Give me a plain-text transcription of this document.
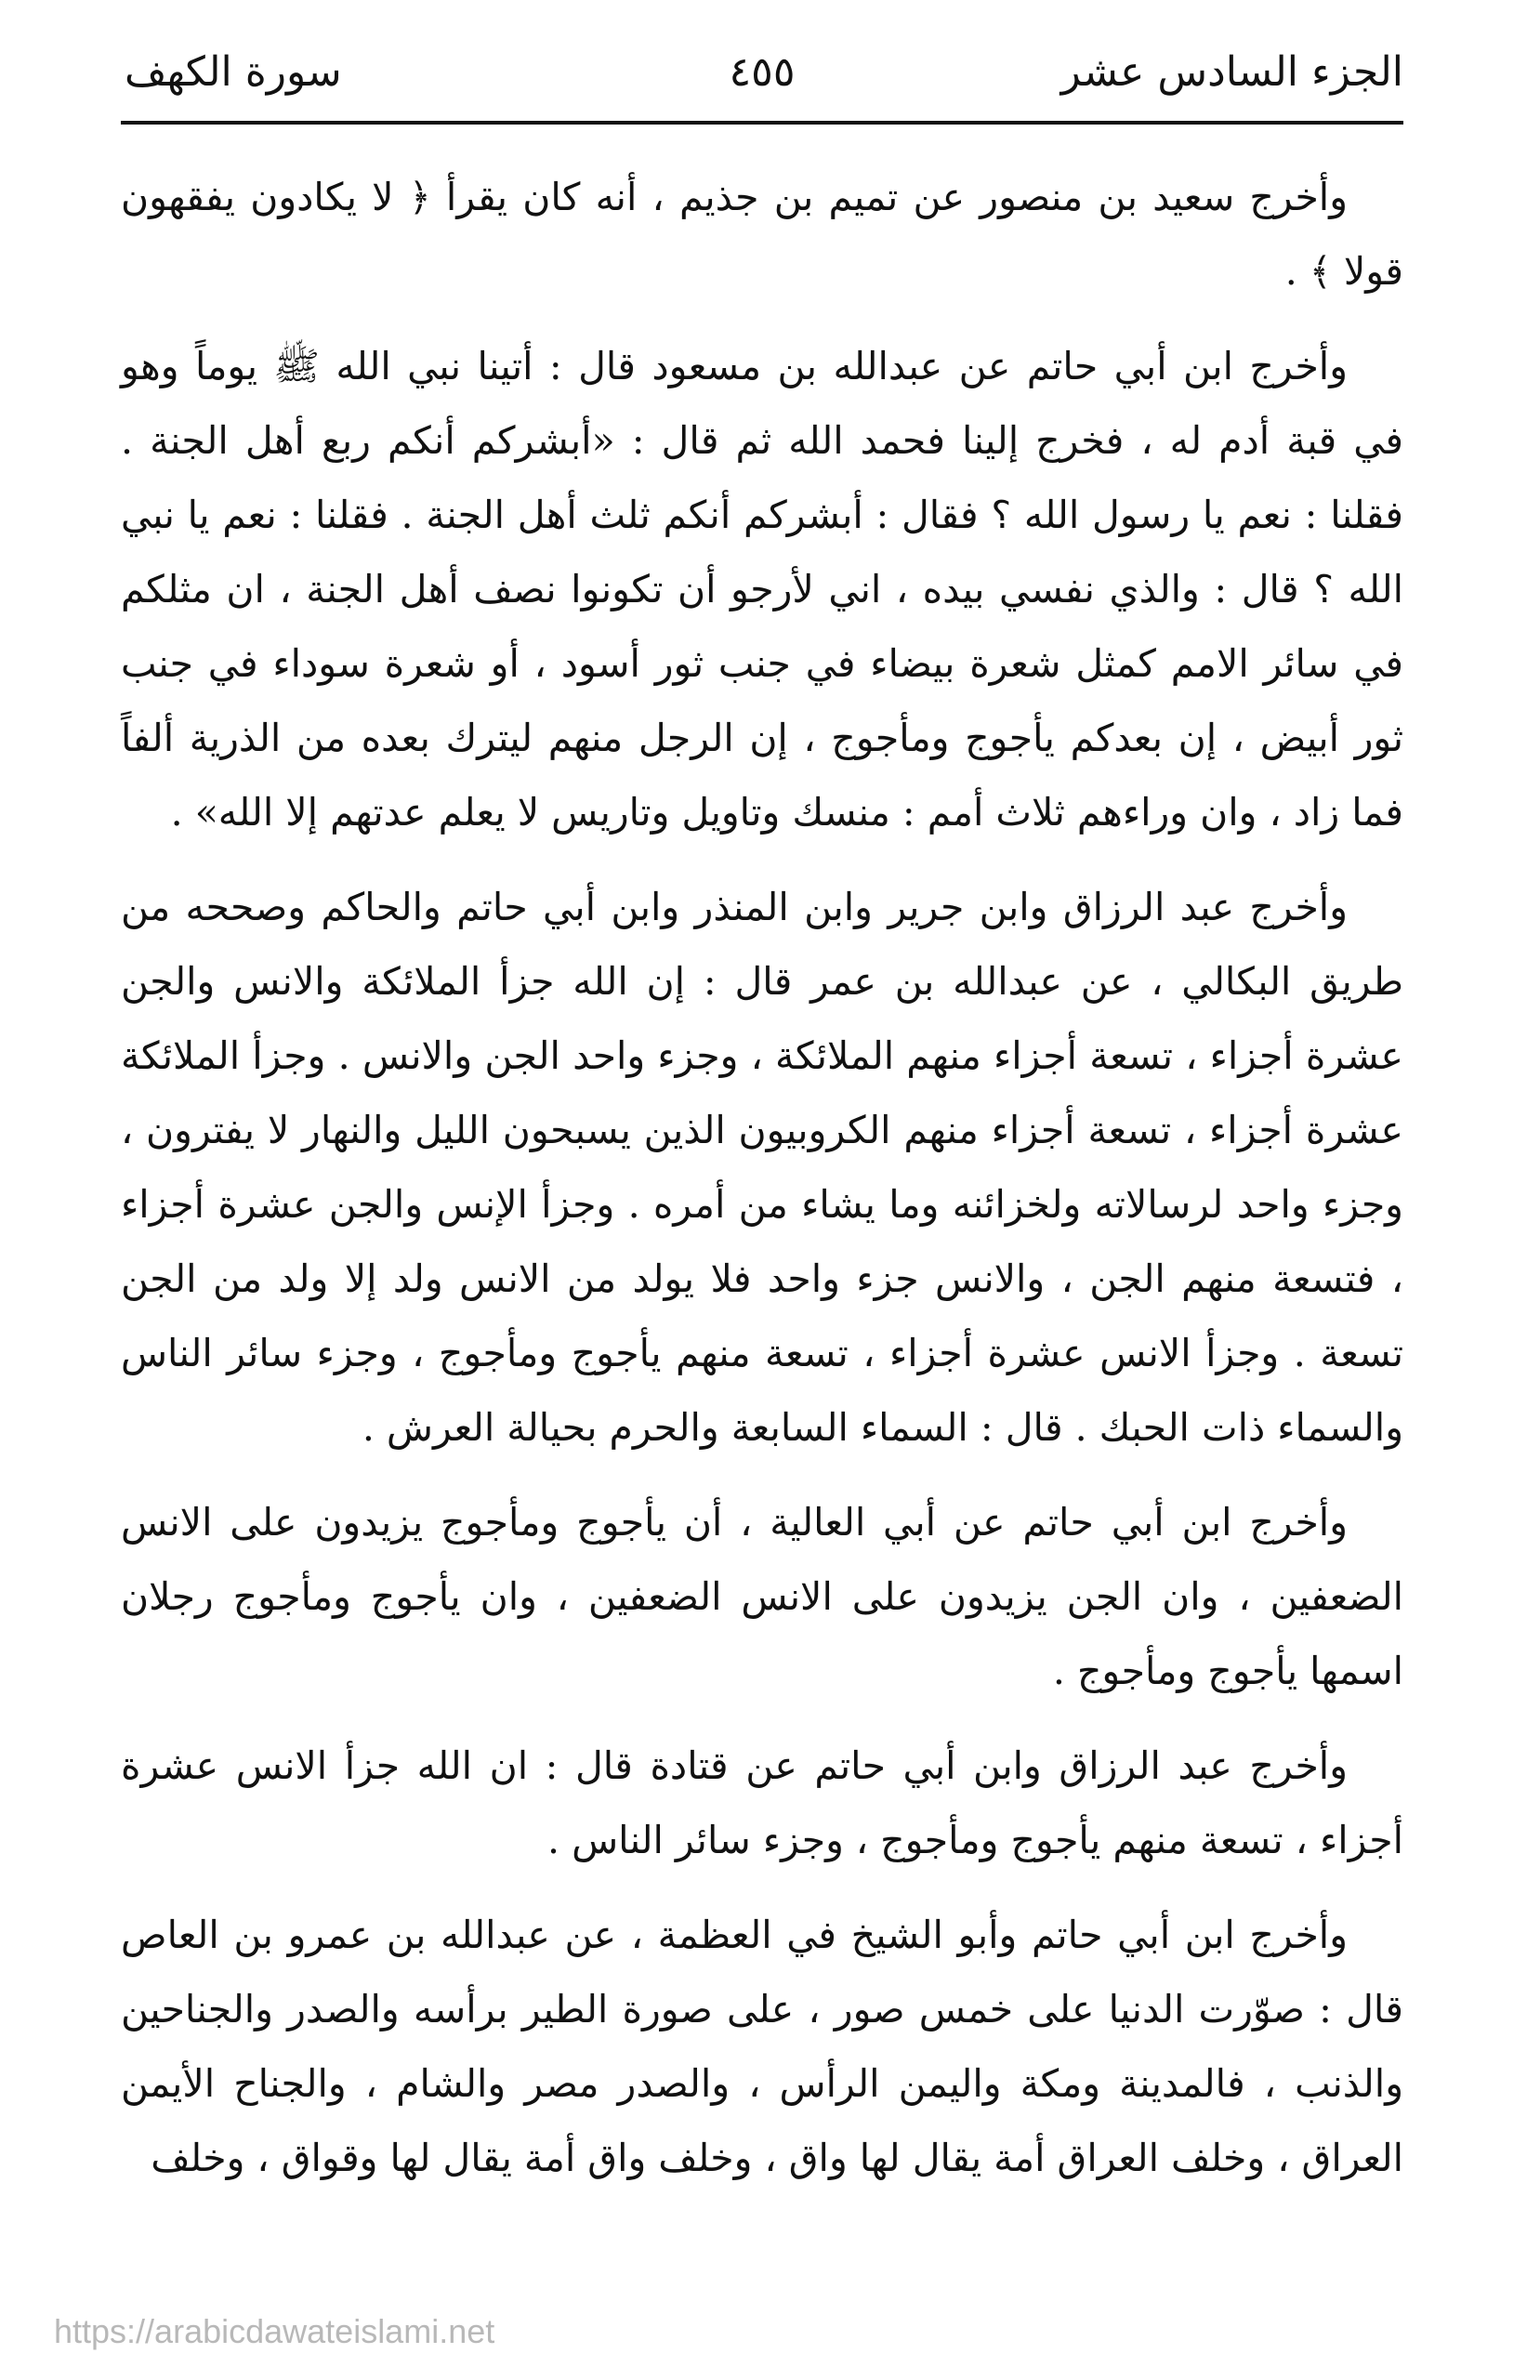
الجزء السادس عشر
٤٥٥
سورة الكهف

وأخرج سعيد بن منصور عن تميم بن جذيم ، أنه كان يقرأ ﴿ لا يكادون يفقهون قولا ﴾ .

وأخرج ابن أبي حاتم عن عبدالله بن مسعود قال : أتينا نبي الله ﷺ يوماً وهو في قبة أدم له ، فخرج إلينا فحمد الله ثم قال : «أبشركم أنكم ربع أهل الجنة . فقلنا : نعم يا رسول الله ؟ فقال : أبشركم أنكم ثلث أهل الجنة . فقلنا : نعم يا نبي الله ؟ قال : والذي نفسي بيده ، اني لأرجو أن تكونوا نصف أهل الجنة ، ان مثلكم في سائر الامم كمثل شعرة بيضاء في جنب ثور أسود ، أو شعرة سوداء في جنب ثور أبيض ، إن بعدكم يأجوج ومأجوج ، إن الرجل منهم ليترك بعده من الذرية ألفاً فما زاد ، وان وراءهم ثلاث أمم : منسك وتاويل وتاريس لا يعلم عدتهم إلا الله» .

وأخرج عبد الرزاق وابن جرير وابن المنذر وابن أبي حاتم والحاكم وصححه من طريق البكالي ، عن عبدالله بن عمر قال : إن الله جزأ الملائكة والانس والجن عشرة أجزاء ، تسعة أجزاء منهم الملائكة ، وجزء واحد الجن والانس . وجزأ الملائكة عشرة أجزاء ، تسعة أجزاء منهم الكروبيون الذين يسبحون الليل والنهار لا يفترون ، وجزء واحد لرسالاته ولخزائنه وما يشاء من أمره . وجزأ الإنس والجن عشرة أجزاء ، فتسعة منهم الجن ، والانس جزء واحد فلا يولد من الانس ولد إلا ولد من الجن تسعة . وجزأ الانس عشرة أجزاء ، تسعة منهم يأجوج ومأجوج ، وجزء سائر الناس والسماء ذات الحبك . قال : السماء السابعة والحرم بحيالة العرش .

وأخرج ابن أبي حاتم عن أبي العالية ، أن يأجوج ومأجوج يزيدون على الانس الضعفين ، وان الجن يزيدون على الانس الضعفين ، وان يأجوج ومأجوج رجلان اسمها يأجوج ومأجوج .

وأخرج عبد الرزاق وابن أبي حاتم عن قتادة قال : ان الله جزأ الانس عشرة أجزاء ، تسعة منهم يأجوج ومأجوج ، وجزء سائر الناس .

وأخرج ابن أبي حاتم وأبو الشيخ في العظمة ، عن عبدالله بن عمرو بن العاص قال : صوّرت الدنيا على خمس صور ، على صورة الطير برأسه والصدر والجناحين والذنب ، فالمدينة ومكة واليمن الرأس ، والصدر مصر والشام ، والجناح الأيمن العراق ، وخلف العراق أمة يقال لها واق ، وخلف واق أمة يقال لها وقواق ، وخلف

https://arabicdawateislami.net
